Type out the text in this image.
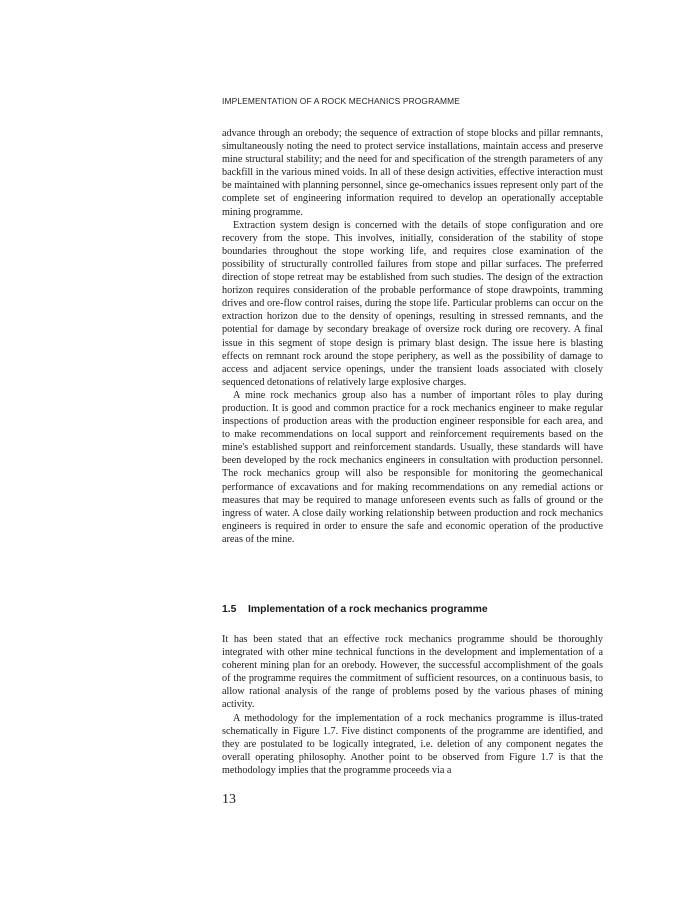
IMPLEMENTATION OF A ROCK MECHANICS PROGRAMME

advance through an orebody; the sequence of extraction of stope blocks and pillar remnants, simultaneously noting the need to protect service installations, maintain access and preserve mine structural stability; and the need for and specification of the strength parameters of any backfill in the various mined voids. In all of these design activities, effective interaction must be maintained with planning personnel, since ge-omechanics issues represent only part of the complete set of engineering information required to develop an operationally acceptable mining programme.

Extraction system design is concerned with the details of stope configuration and ore recovery from the stope. This involves, initially, consideration of the stability of stope boundaries throughout the stope working life, and requires close examination of the possibility of structurally controlled failures from stope and pillar surfaces. The preferred direction of stope retreat may be established from such studies. The design of the extraction horizon requires consideration of the probable performance of stope drawpoints, tramming drives and ore-flow control raises, during the stope life. Particular problems can occur on the extraction horizon due to the density of openings, resulting in stressed remnants, and the potential for damage by secondary breakage of oversize rock during ore recovery. A final issue in this segment of stope design is primary blast design. The issue here is blasting effects on remnant rock around the stope periphery, as well as the possibility of damage to access and adjacent service openings, under the transient loads associated with closely sequenced detonations of relatively large explosive charges.

A mine rock mechanics group also has a number of important rôles to play during production. It is good and common practice for a rock mechanics engineer to make regular inspections of production areas with the production engineer responsible for each area, and to make recommendations on local support and reinforcement requirements based on the mine's established support and reinforcement standards. Usually, these standards will have been developed by the rock mechanics engineers in consultation with production personnel. The rock mechanics group will also be responsible for monitoring the geomechanical performance of excavations and for making recommendations on any remedial actions or measures that may be required to manage unforeseen events such as falls of ground or the ingress of water. A close daily working relationship between production and rock mechanics engineers is required in order to ensure the safe and economic operation of the productive areas of the mine.

1.5 Implementation of a rock mechanics programme

It has been stated that an effective rock mechanics programme should be thoroughly integrated with other mine technical functions in the development and implementation of a coherent mining plan for an orebody. However, the successful accomplishment of the goals of the programme requires the commitment of sufficient resources, on a continuous basis, to allow rational analysis of the range of problems posed by the various phases of mining activity.

A methodology for the implementation of a rock mechanics programme is illus-trated schematically in Figure 1.7. Five distinct components of the programme are identified, and they are postulated to be logically integrated, i.e. deletion of any component negates the overall operating philosophy. Another point to be observed from Figure 1.7 is that the methodology implies that the programme proceeds via a

13
